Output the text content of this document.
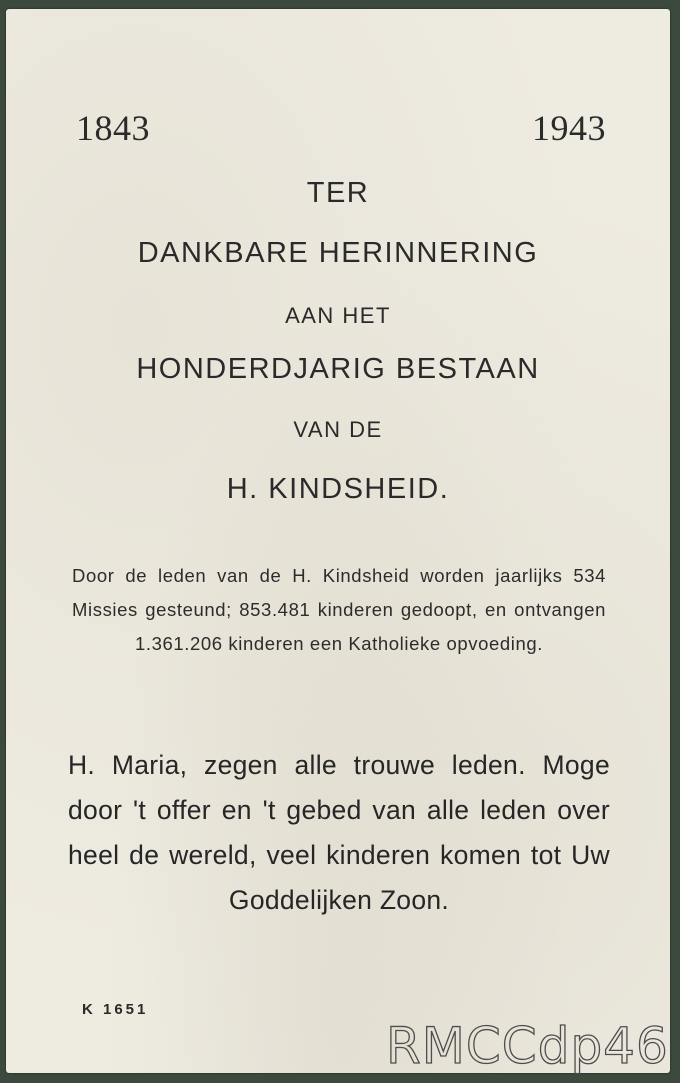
1843	1943
TER
DANKBARE HERINNERING
AAN HET
HONDERDJARIG BESTAAN
VAN DE
H. KINDSHEID.

Door de leden van de H. Kindsheid worden jaarlijks 534 Missies gesteund; 853.481 kinderen gedoopt, en ontvangen 1.361.206 kinderen een Katholieke opvoeding.

H. Maria, zegen alle trouwe leden. Moge door 't offer en 't gebed van alle leden over heel de wereld, veel kinderen komen tot Uw Goddelijken Zoon.

K 1651
RMCCdp46
